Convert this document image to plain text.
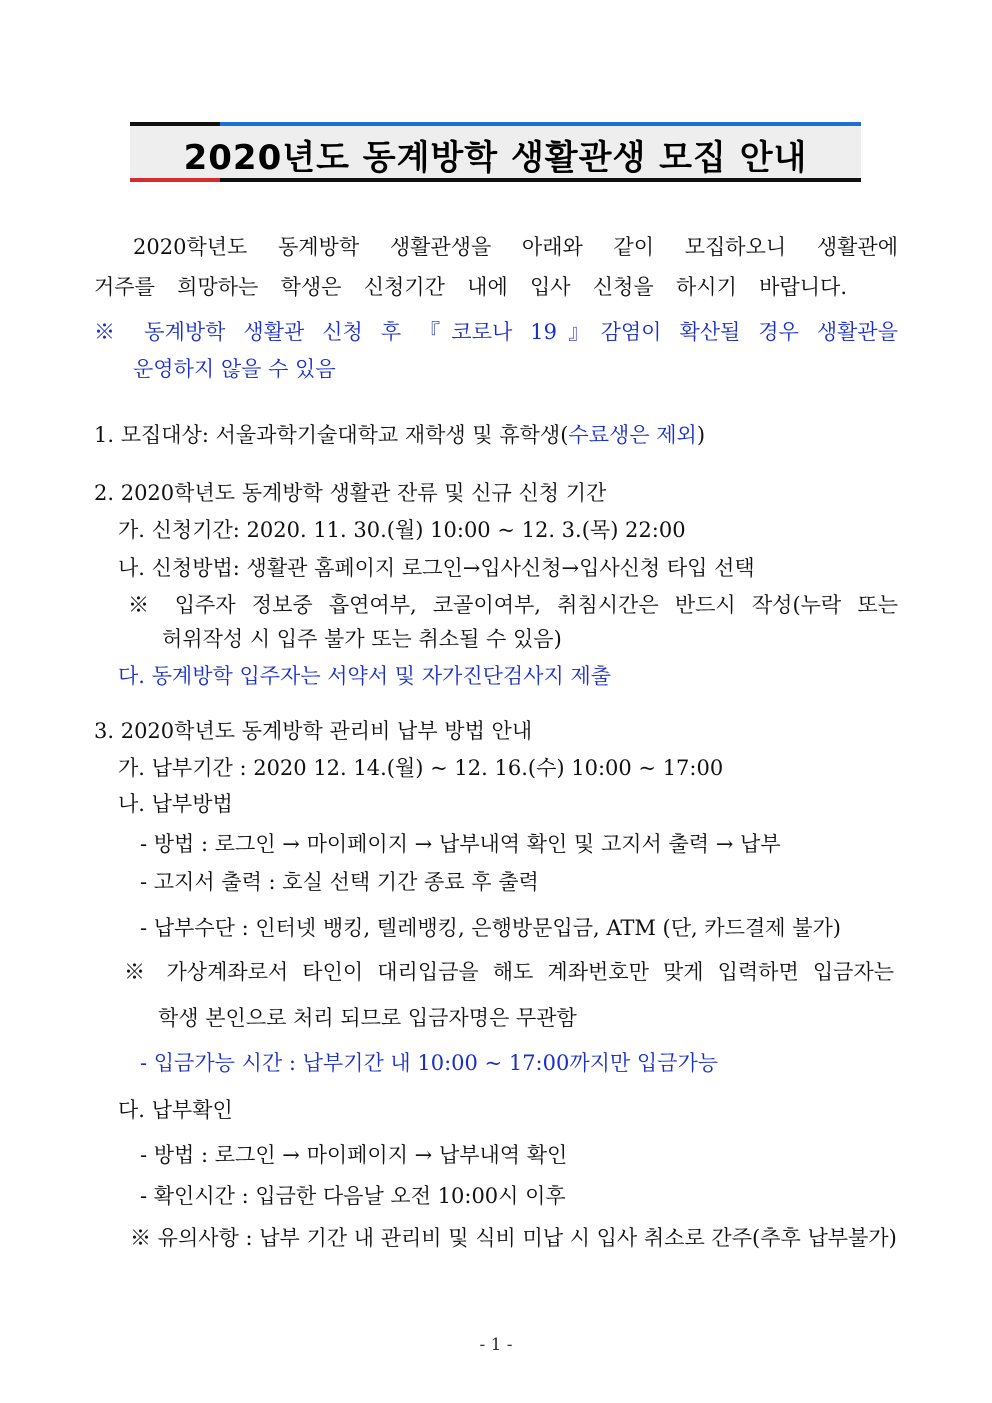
2020년도 동계방학 생활관생 모집 안내
2020학년도 동계방학 생활관생을 아래와 같이 모집하오니 생활관에
거주를 희망하는 학생은 신청기간 내에 입사 신청을 하시기 바랍니다.
※ 동계방학 생활관 신청 후 『코로나 19』감염이 확산될 경우 생활관을
운영하지 않을 수 있음
1. 모집대상: 서울과학기술대학교 재학생 및 휴학생(수료생은 제외)
2. 2020학년도 동계방학 생활관 잔류 및 신규 신청 기간
가. 신청기간: 2020. 11. 30.(월) 10:00 ~ 12. 3.(목) 22:00
나. 신청방법: 생활관 홈페이지 로그인→입사신청→입사신청 타입 선택
※ 입주자 정보중 흡연여부, 코골이여부, 취침시간은 반드시 작성(누락 또는
허위작성 시 입주 불가 또는 취소될 수 있음)
다. 동계방학 입주자는 서약서 및 자가진단검사지 제출
3. 2020학년도 동계방학 관리비 납부 방법 안내
가. 납부기간 : 2020 12. 14.(월) ~ 12. 16.(수) 10:00 ~ 17:00
나. 납부방법
- 방법 : 로그인 → 마이페이지 → 납부내역 확인 및 고지서 출력 → 납부
- 고지서 출력 : 호실 선택 기간 종료 후 출력
- 납부수단 : 인터넷 뱅킹, 텔레뱅킹, 은행방문입금, ATM (단, 카드결제 불가)
※ 가상계좌로서 타인이 대리입금을 해도 계좌번호만 맞게 입력하면 입금자는
학생 본인으로 처리 되므로 입금자명은 무관함
- 입금가능 시간 : 납부기간 내 10:00 ~ 17:00까지만 입금가능
다. 납부확인
- 방법 : 로그인 → 마이페이지 → 납부내역 확인
- 확인시간 : 입금한 다음날 오전 10:00시 이후
※ 유의사항 : 납부 기간 내 관리비 및 식비 미납 시 입사 취소로 간주(추후 납부불가)
- 1 -
